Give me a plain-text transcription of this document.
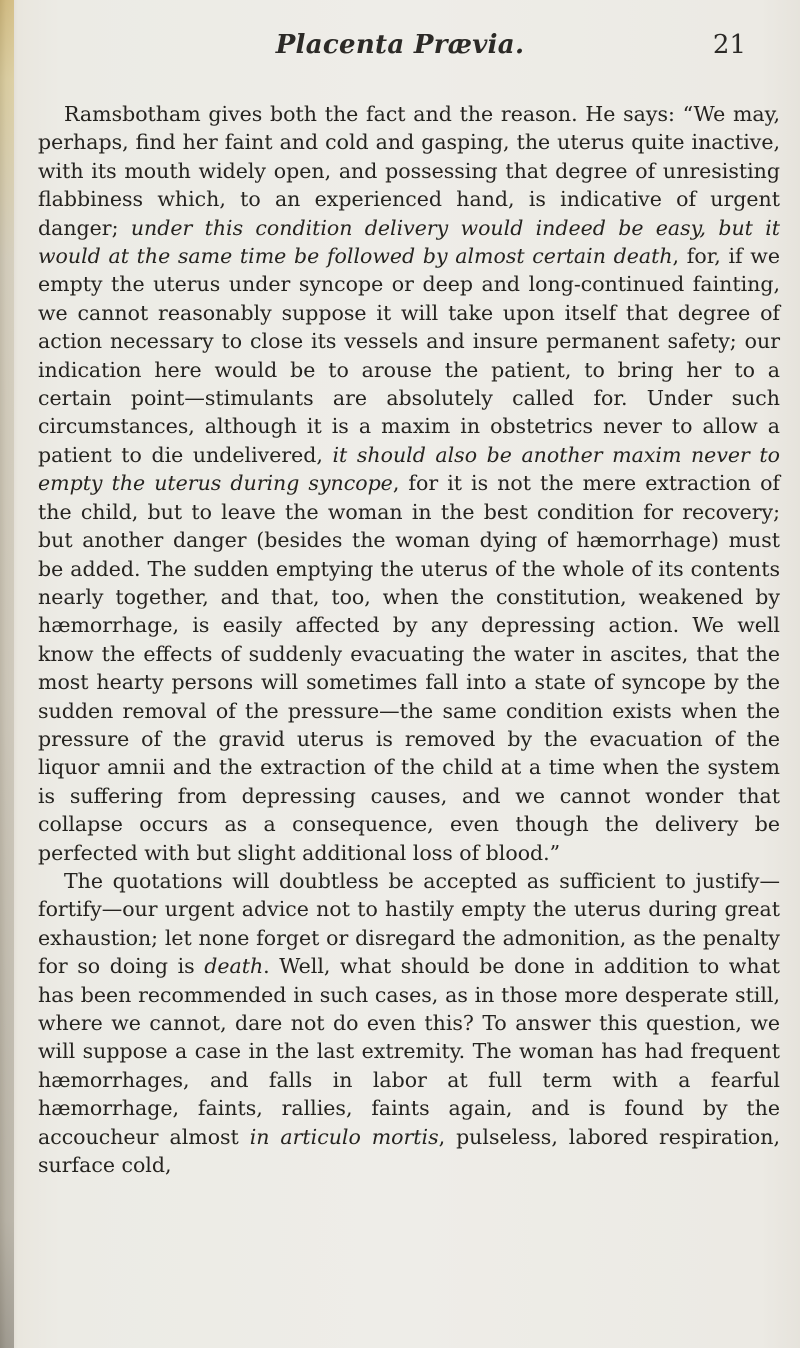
Placenta Prævia.	21

Ramsbotham gives both the fact and the reason. He says: “We may, perhaps, find her faint and cold and gasping, the uterus quite inactive, with its mouth widely open, and possessing that degree of unresisting flabbiness which, to an experienced hand, is indicative of urgent danger; under this condition delivery would indeed be easy, but it would at the same time be followed by almost certain death, for, if we empty the uterus under syncope or deep and long-continued fainting, we cannot reasonably suppose it will take upon itself that degree of action necessary to close its vessels and insure permanent safety; our indication here would be to arouse the patient, to bring her to a certain point—stimulants are absolutely called for. Under such circumstances, although it is a maxim in obstetrics never to allow a patient to die undelivered, it should also be another maxim never to empty the uterus during syncope, for it is not the mere extraction of the child, but to leave the woman in the best condition for recovery; but another danger (besides the woman dying of hæmorrhage) must be added. The sudden emptying the uterus of the whole of its contents nearly together, and that, too, when the constitution, weakened by hæmorrhage, is easily affected by any depressing action. We well know the effects of suddenly evacuating the water in ascites, that the most hearty persons will sometimes fall into a state of syncope by the sudden removal of the pressure—the same condition exists when the pressure of the gravid uterus is removed by the evacuation of the liquor amnii and the extraction of the child at a time when the system is suffering from depressing causes, and we cannot wonder that collapse occurs as a consequence, even though the delivery be perfected with but slight additional loss of blood.”

The quotations will doubtless be accepted as sufficient to justify—fortify—our urgent advice not to hastily empty the uterus during great exhaustion; let none forget or disregard the admonition, as the penalty for so doing is death. Well, what should be done in addition to what has been recommended in such cases, as in those more desperate still, where we cannot, dare not do even this? To answer this question, we will suppose a case in the last extremity. The woman has had frequent hæmorrhages, and falls in labor at full term with a fearful hæmorrhage, faints, rallies, faints again, and is found by the accoucheur almost in articulo mortis, pulseless, labored respiration, surface cold,
